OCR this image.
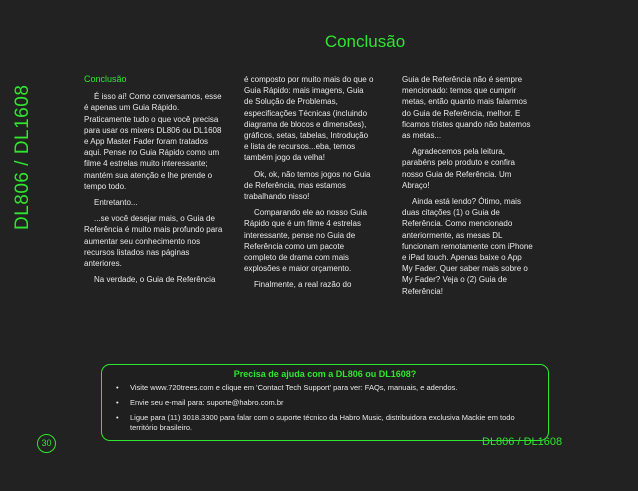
DL806 / DL1608
Conclusão

Conclusão

É isso aí! Como conversamos, esse é apenas um Guia Rápido. Praticamente tudo o que você precisa para usar os mixers DL806 ou DL1608 e App Master Fader foram tratados aqui. Pense no Guia Rápido como um filme 4 estrelas muito interessante; mantém sua atenção e lhe prende o tempo todo.

Entretanto...

...se você desejar mais, o Guia de Referência é muito mais profundo para aumentar seu conhecimento nos recursos listados nas páginas anteriores.

Na verdade, o Guia de Referência

é composto por muito mais do que o Guia Rápido: mais imagens, Guia de Solução de Problemas, especificações Técnicas (incluindo diagrama de blocos e dimensões), gráficos, setas, tabelas, Introdução e lista de recursos...eba, temos também jogo da velha!

Ok, ok, não temos jogos no Guia de Referência, mas estamos trabalhando nisso!

Comparando ele ao nosso Guia Rápido que é um filme 4 estrelas interessante, pense no Guia de Referência como um pacote completo de drama com mais explosões e maior orçamento.

Finalmente, a real razão do

Guia de Referência não é sempre mencionado: temos que cumprir metas, então quanto mais falarmos do Guia de Referência, melhor. E ficamos tristes quando não batemos as metas...

Agradecemos pela leitura, parabéns pelo produto e confira nosso Guia de Referência. Um Abraço!

Ainda está lendo? Ótimo, mais duas citações (1) o Guia de Referência. Como mencionado anteriormente, as mesas DL funcionam remotamente com iPhone e iPad touch. Apenas baixe o App My Fader. Quer saber mais sobre o My Fader? Veja o (2) Guia de Referência!

Precisa de ajuda com a DL806 ou DL1608?
• Visite www.720trees.com e clique em 'Contact Tech Support' para ver: FAQs, manuais, e adendos.
• Envie seu e-mail para: suporte@habro.com.br
• Ligue para (11) 3018.3300 para falar com o suporte técnico da Habro Music, distribuidora exclusiva Mackie em todo território brasileiro.
30	DL806 / DL1608
